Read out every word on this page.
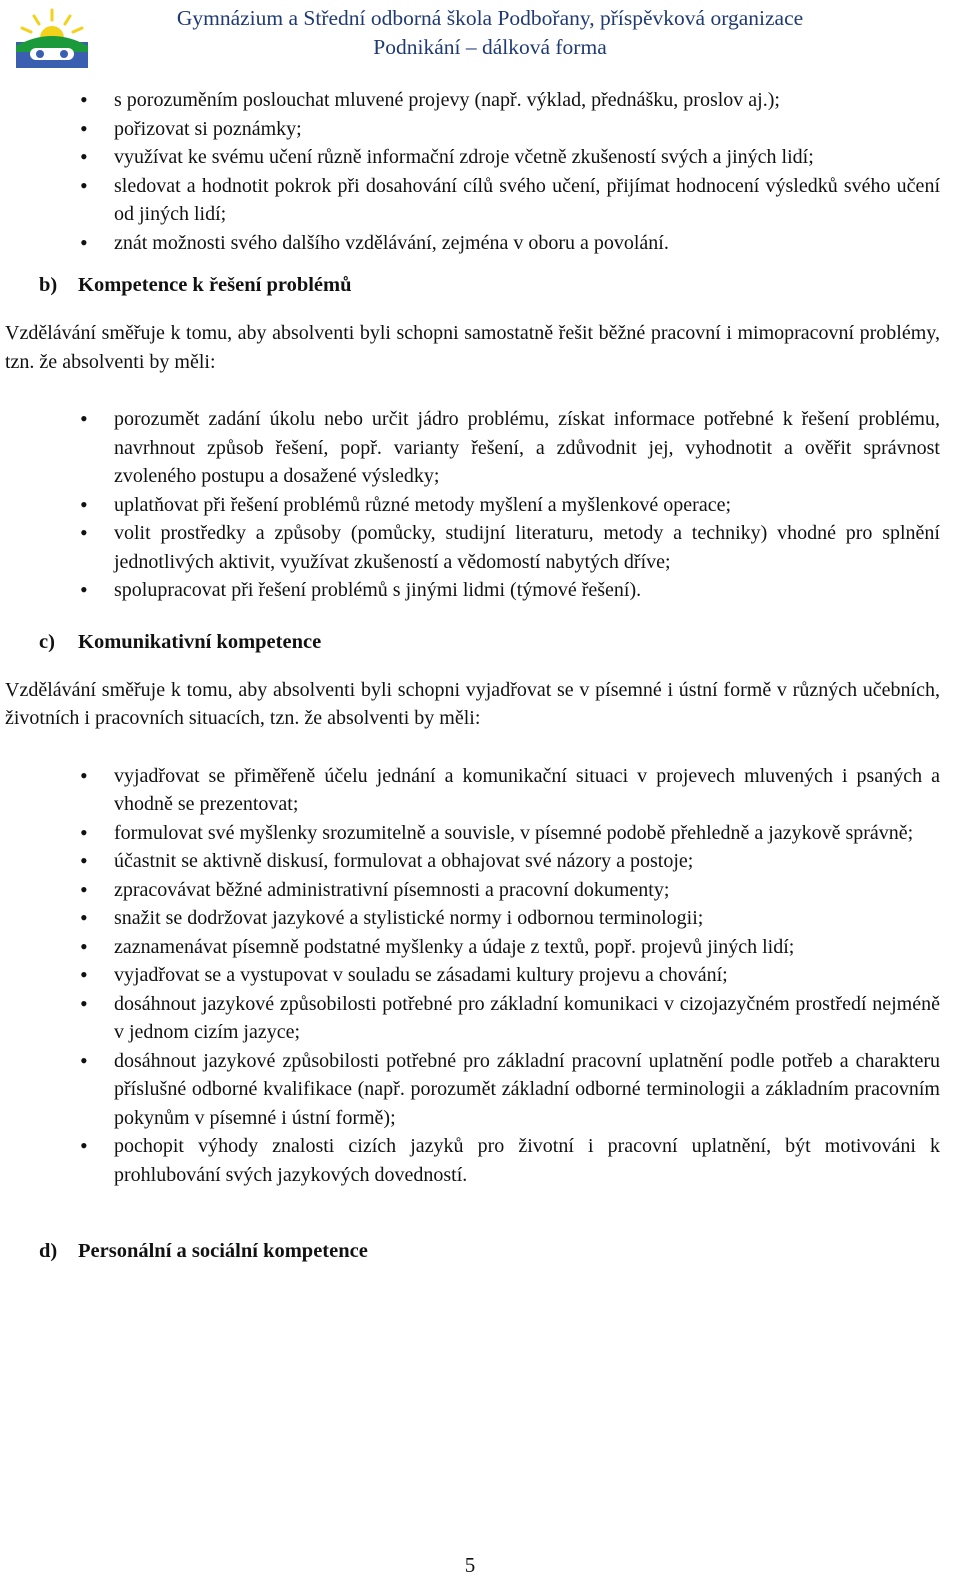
Gymnázium a Střední odborná škola Podbořany, příspěvková organizace
Podnikání – dálková forma
• s porozuměním poslouchat mluvené projevy (např. výklad, přednášku, proslov aj.);
• pořizovat si poznámky;
• využívat ke svému učení různě informační zdroje včetně zkušeností svých a jiných lidí;
• sledovat a hodnotit pokrok při dosahování cílů svého učení, přijímat hodnocení výsledků svého učení od jiných lidí;
• znát možnosti svého dalšího vzdělávání, zejména v oboru a povolání.
b) Kompetence k řešení problémů

Vzdělávání směřuje k tomu, aby absolventi byli schopni samostatně řešit běžné pracovní i mimopracovní problémy, tzn. že absolventi by měli:

• porozumět zadání úkolu nebo určit jádro problému, získat informace potřebné k řešení problému, navrhnout způsob řešení, popř. varianty řešení, a zdůvodnit jej, vyhodnotit a ověřit správnost zvoleného postupu a dosažené výsledky;
• uplatňovat při řešení problémů různé metody myšlení a myšlenkové operace;
• volit prostředky a způsoby (pomůcky, studijní literaturu, metody a techniky) vhodné pro splnění jednotlivých aktivit, využívat zkušeností a vědomostí nabytých dříve;
• spolupracovat při řešení problémů s jinými lidmi (týmové řešení).
c) Komunikativní kompetence

Vzdělávání směřuje k tomu, aby absolventi byli schopni vyjadřovat se v písemné i ústní formě v různých učebních, životních i pracovních situacích, tzn. že absolventi by měli:

• vyjadřovat se přiměřeně účelu jednání a komunikační situaci v projevech mluvených i psaných a vhodně se prezentovat;
• formulovat své myšlenky srozumitelně a souvisle, v písemné podobě přehledně a jazykově správně;
• účastnit se aktivně diskusí, formulovat a obhajovat své názory a postoje;
• zpracovávat běžné administrativní písemnosti a pracovní dokumenty;
• snažit se dodržovat jazykové a stylistické normy i odbornou terminologii;
• zaznamenávat písemně podstatné myšlenky a údaje z textů, popř. projevů jiných lidí;
• vyjadřovat se a vystupovat v souladu se zásadami kultury projevu a chování;
• dosáhnout jazykové způsobilosti potřebné pro základní komunikaci v cizojazyčném prostředí nejméně v jednom cizím jazyce;
• dosáhnout jazykové způsobilosti potřebné pro základní pracovní uplatnění podle potřeb a charakteru příslušné odborné kvalifikace (např. porozumět základní odborné terminologii a základním pracovním pokynům v písemné i ústní formě);
• pochopit výhody znalosti cizích jazyků pro životní i pracovní uplatnění, být motivováni k prohlubování svých jazykových dovedností.
d) Personální a sociální kompetence
5
